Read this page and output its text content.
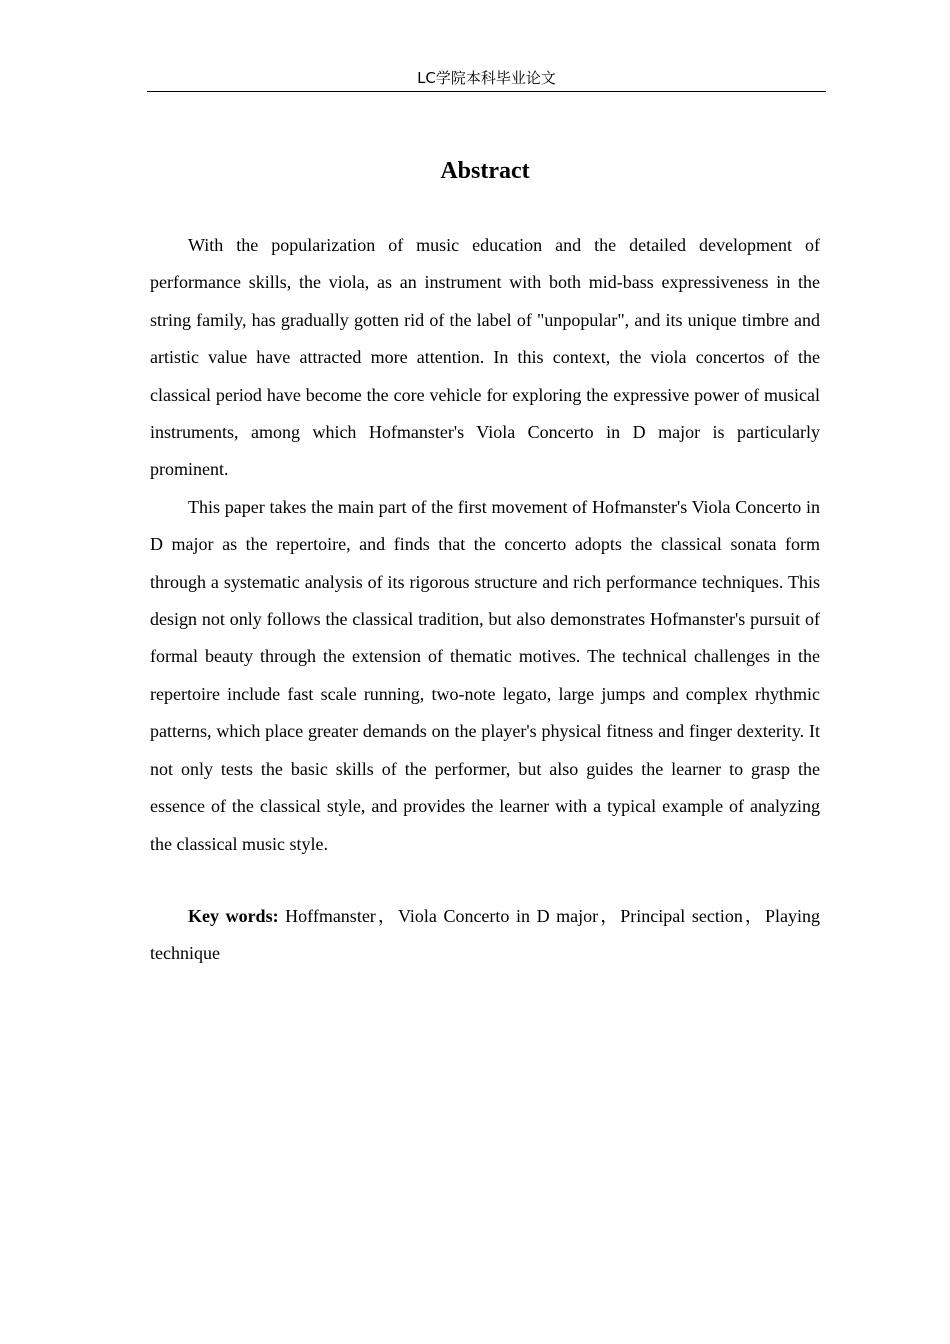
LC学院本科毕业论文
Abstract

With the popularization of music education and the detailed development of performance skills, the viola, as an instrument with both mid-bass expressiveness in the string family, has gradually gotten rid of the label of "unpopular", and its unique timbre and artistic value have attracted more attention. In this context, the viola concertos of the classical period have become the core vehicle for exploring the expressive power of musical instruments, among which Hofmanster's Viola Concerto in D major is particularly prominent.

This paper takes the main part of the first movement of Hofmanster's Viola Concerto in D major as the repertoire, and finds that the concerto adopts the classical sonata form through a systematic analysis of its rigorous structure and rich performance techniques. This design not only follows the classical tradition, but also demonstrates Hofmanster's pursuit of formal beauty through the extension of thematic motives. The technical challenges in the repertoire include fast scale running, two-note legato, large jumps and complex rhythmic patterns, which place greater demands on the player's physical fitness and finger dexterity. It not only tests the basic skills of the performer, but also guides the learner to grasp the essence of the classical style, and provides the learner with a typical example of analyzing the classical music style.

Key words: Hoffmanster，Viola Concerto in D major，Principal section，Playing technique
